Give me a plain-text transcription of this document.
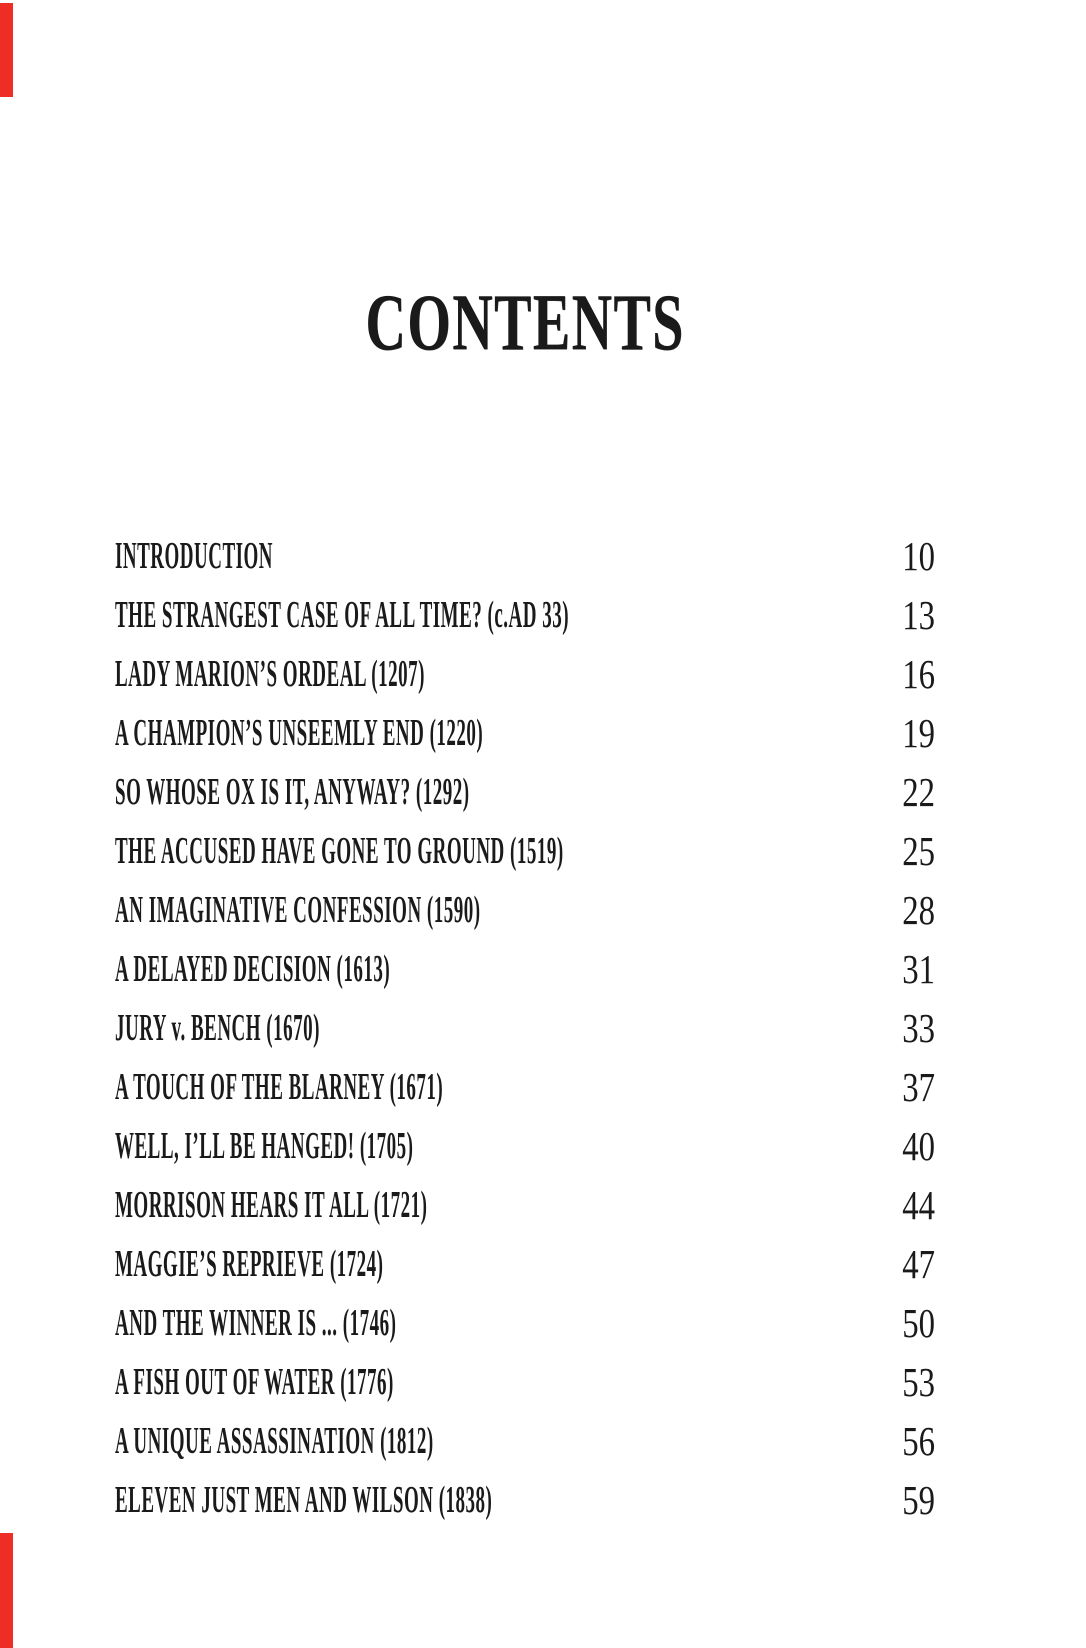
CONTENTS
INTRODUCTION	10
THE STRANGEST CASE OF ALL TIME? (c.AD 33)	13
LADY MARION’S ORDEAL (1207)	16
A CHAMPION’S UNSEEMLY END (1220)	19
SO WHOSE OX IS IT, ANYWAY? (1292)	22
THE ACCUSED HAVE GONE TO GROUND (1519)	25
AN IMAGINATIVE CONFESSION (1590)	28
A DELAYED DECISION (1613)	31
JURY v. BENCH (1670)	33
A TOUCH OF THE BLARNEY (1671)	37
WELL, I’LL BE HANGED! (1705)	40
MORRISON HEARS IT ALL (1721)	44
MAGGIE’S REPRIEVE (1724)	47
AND THE WINNER IS ... (1746)	50
A FISH OUT OF WATER (1776)	53
A UNIQUE ASSASSINATION (1812)	56
ELEVEN JUST MEN AND WILSON (1838)	59
